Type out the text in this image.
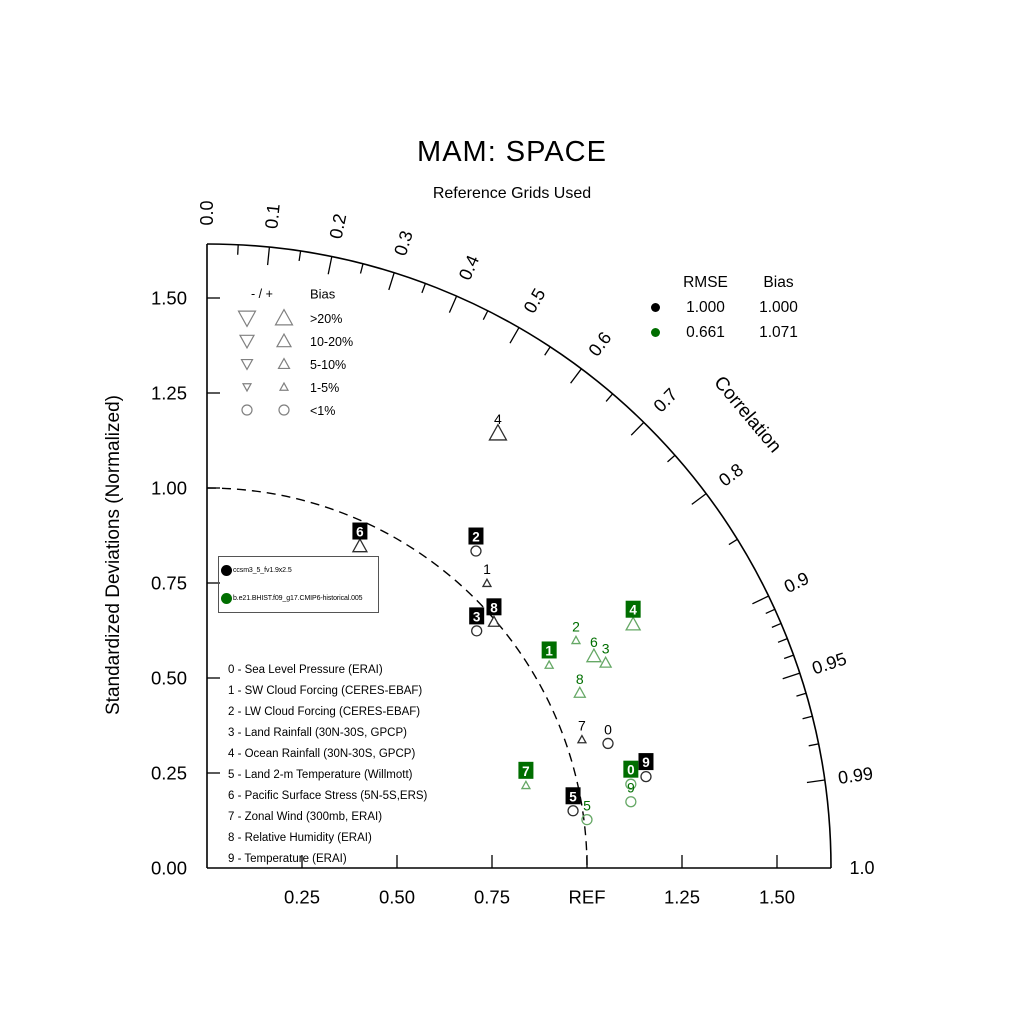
0.0 0.1 0.2
0.3
0.4
0.5
0.6
0.7
0.8
0.9
0.95
0.99
1.0
0.25	0.50	0.75	REF	1.25	1.50
0.00
0.25
0.50
0.75
1.00
1.25
1.50	- / +	Bias
>20%
10-20%
5-10%
1-5%
<1%
0
1
2
3
4
5
6
7
8
9
0
1
2
3
4
5
6
7
8
9
MAM: SPACE
Reference Grids Used
Standardized Deviations (Normalized)	Correlation
RMSE	Bias
1.000	1.000
0.661	1.071
ccsm3_5_fv1.9x2.5
b.e21.BHIST.f09_g17.CMIP6-historical.005
0 - Sea Level Pressure (ERAI)
1 - SW Cloud Forcing (CERES-EBAF)
2 - LW Cloud Forcing (CERES-EBAF)
3 - Land Rainfall (30N-30S, GPCP)
4 - Ocean Rainfall (30N-30S, GPCP)
5 - Land 2-m Temperature (Willmott)
6 - Pacific Surface Stress (5N-5S,ERS)
7 - Zonal Wind (300mb, ERAI)
8 - Relative Humidity (ERAI)
9 - Temperature (ERAI)
